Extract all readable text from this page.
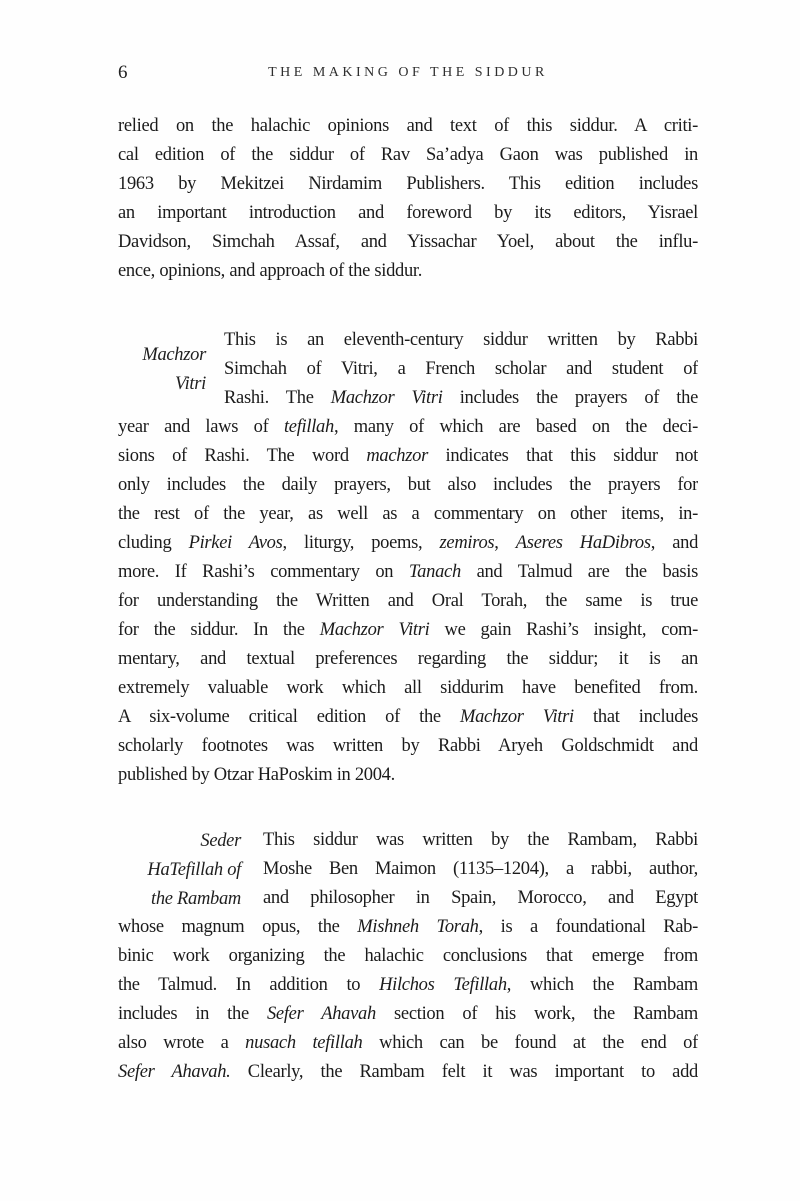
6	THE MAKING OF THE SIDDUR
relied on the halachic opinions and text of this siddur. A criti-
cal edition of the siddur of Rav Sa’adya Gaon was published in
1963 by Mekitzei Nirdamim Publishers. This edition includes
an important introduction and foreword by its editors, Yisrael
Davidson, Simchah Assaf, and Yissachar Yoel, about the influ-
ence, opinions, and approach of the siddur.
Machzor
Vitri
This is an eleventh-century siddur written by Rabbi
Simchah of Vitri, a French scholar and student of
Rashi. The Machzor Vitri includes the prayers of the
year and laws of tefillah, many of which are based on the deci-
sions of Rashi. The word machzor indicates that this siddur not
only includes the daily prayers, but also includes the prayers for
the rest of the year, as well as a commentary on other items, in-
cluding Pirkei Avos, liturgy, poems, zemiros, Aseres HaDibros, and
more. If Rashi’s commentary on Tanach and Talmud are the basis
for understanding the Written and Oral Torah, the same is true
for the siddur. In the Machzor Vitri we gain Rashi’s insight, com-
mentary, and textual preferences regarding the siddur; it is an
extremely valuable work which all siddurim have benefited from.
A six-volume critical edition of the Machzor Vitri that includes
scholarly footnotes was written by Rabbi Aryeh Goldschmidt and
published by Otzar HaPoskim in 2004.
Seder
HaTefillah of
the Rambam
This siddur was written by the Rambam, Rabbi
Moshe Ben Maimon (1135–1204), a rabbi, author,
and philosopher in Spain, Morocco, and Egypt
whose magnum opus, the Mishneh Torah, is a foundational Rab-
binic work organizing the halachic conclusions that emerge from
the Talmud. In addition to Hilchos Tefillah, which the Rambam
includes in the Sefer Ahavah section of his work, the Rambam
also wrote a nusach tefillah which can be found at the end of
Sefer Ahavah. Clearly, the Rambam felt it was important to add
